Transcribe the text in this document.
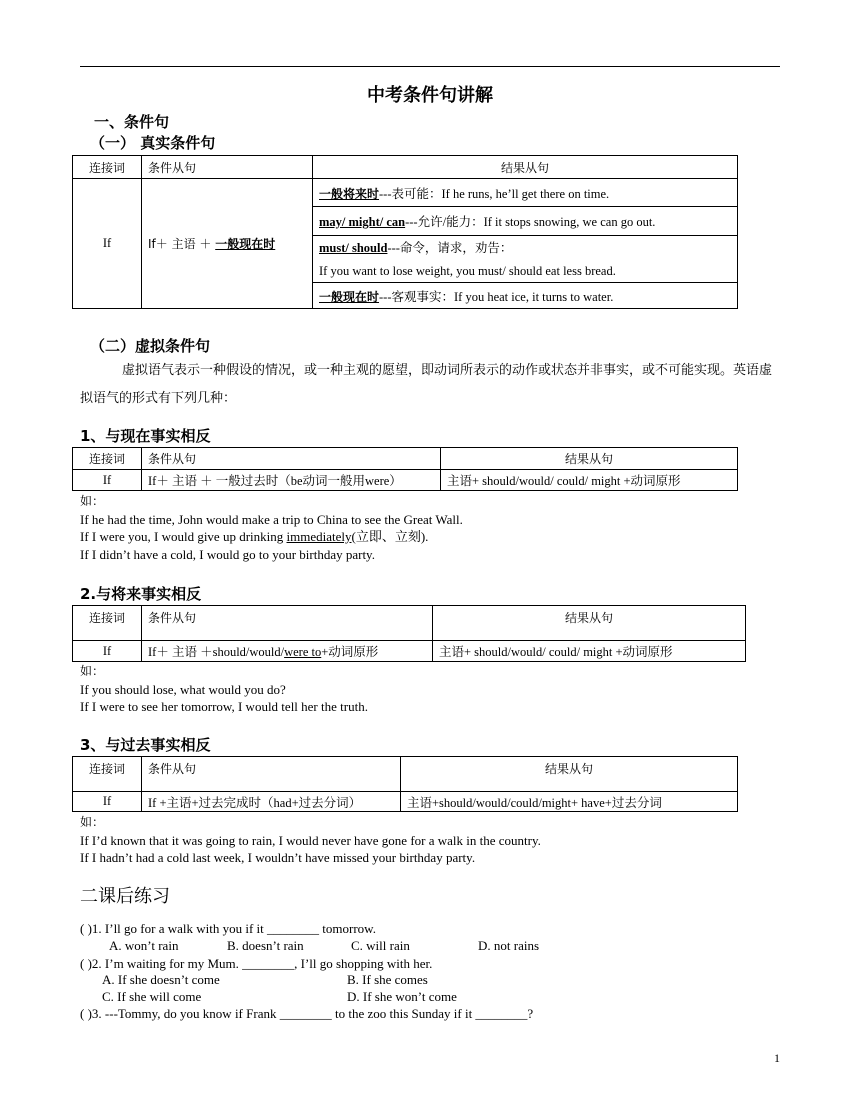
中考条件句讲解
一、条件句
（一） 真实条件句
连接词	条件从句	结果从句
If	If＋ 主语 ＋ 一般现在时	一般将来时---表可能：If he runs, he’ll get there on time.
		may/ might/ can---允许/能力：If it stops snowing, we can go out.
		must/ should---命令，请求，劝告：
If you want to lose weight, you must/ should eat less bread.
		一般现在时---客观事实：If you heat ice, it turns to water.
（二）虚拟条件句
虚拟语气表示一种假设的情况，或一种主观的愿望，即动词所表示的动作或状态并非事实，或不可能实现。英语虚拟语气的形式有下列几种：
1、与现在事实相反
连接词	条件从句	结果从句
If	If＋ 主语 ＋ 一般过去时（be动词一般用were）	主语+ should/would/ could/ might +动词原形
如：
If he had the time, John would make a trip to China to see the Great Wall.
If I were you, I would give up drinking immediately(立即、立刻).
If I didn’t have a cold, I would go to your birthday party.
2.与将来事实相反
连接词	条件从句	结果从句
If	If＋ 主语 ＋should/would/were to+动词原形	主语+ should/would/ could/ might +动词原形
如：
If you should lose, what would you do?
If I were to see her tomorrow, I would tell her the truth.
3、与过去事实相反
连接词	条件从句	结果从句
If	If +主语+过去完成时（had+过去分词）	主语+should/would/could/might+ have+过去分词
如：
If I’d known that it was going to rain, I would never have gone for a walk in the country.
If I hadn’t had a cold last week, I wouldn’t have missed your birthday party.
二课后练习
( )1. I’ll go for a walk with you if it ________ tomorrow.
A. won’t rain	B. doesn’t rain	C. will rain	D. not rains
( )2. I’m waiting for my Mum. ________, I’ll go shopping with her.
A. If she doesn’t come	B. If she comes
C. If she will come	D. If she won’t come
( )3. ---Tommy, do you know if Frank ________ to the zoo this Sunday if it ________?
1
